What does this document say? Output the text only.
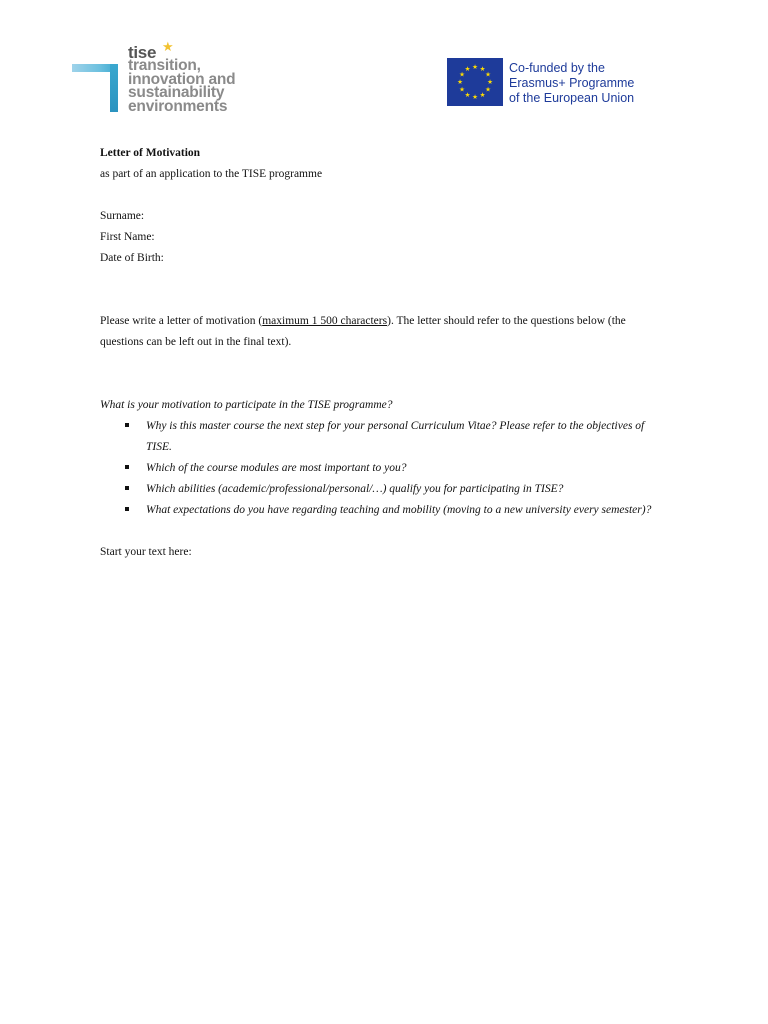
tise ★
transition,
innovation and
sustainability
environments
★ ★
★
★
★
★
★
★
★
★
★
★	Co-funded by the
Erasmus+ Programme
of the European Union
Letter of Motivation
as part of an application to the TISE programme
Surname:
First Name:
Date of Birth:
Please write a letter of motivation (maximum 1 500 characters). The letter should refer to the questions below (the questions can be left out in the final text).
What is your motivation to participate in the TISE programme?
Why is this master course the next step for your personal Curriculum Vitae? Please refer to the objectives of TISE.
Which of the course modules are most important to you?
Which abilities (academic/professional/personal/…) qualify you for participating in TISE?
What expectations do you have regarding teaching and mobility (moving to a new university every semester)?
Start your text here:
